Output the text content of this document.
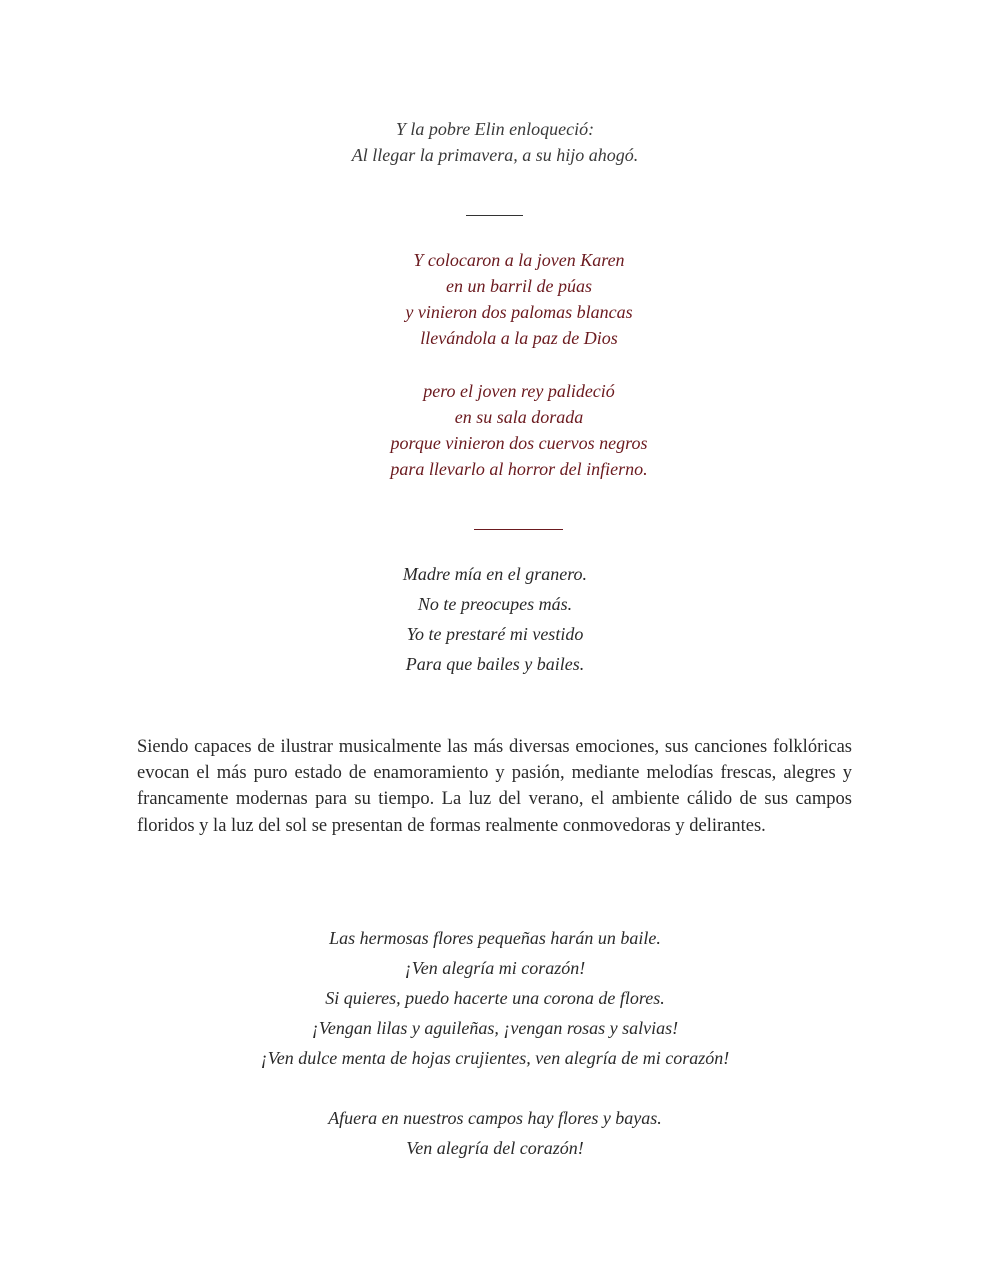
Y la pobre Elin enloqueció:
Al llegar la primavera, a su hijo ahogó.
Y colocaron a la joven Karen
en un barril de púas
y vinieron dos palomas blancas
llevándola a la paz de Dios
pero el joven rey palideció
en su sala dorada
porque vinieron dos cuervos negros
para llevarlo al horror del infierno.
Madre mía en el granero.
No te preocupes más.
Yo te prestaré mi vestido
Para que bailes y bailes.

Siendo capaces de ilustrar musicalmente las más diversas emociones, sus canciones folklóricas evocan el más puro estado de enamoramiento y pasión, mediante melodías frescas, alegres y francamente modernas para su tiempo. La luz del verano, el ambiente cálido de sus campos floridos y la luz del sol se presentan de formas realmente conmovedoras y delirantes.

Las hermosas flores pequeñas harán un baile.
¡Ven alegría mi corazón!
Si quieres, puedo hacerte una corona de flores.
¡Vengan lilas y aguileñas, ¡vengan rosas y salvias!
¡Ven dulce menta de hojas crujientes, ven alegría de mi corazón!
Afuera en nuestros campos hay flores y bayas.
Ven alegría del corazón!
